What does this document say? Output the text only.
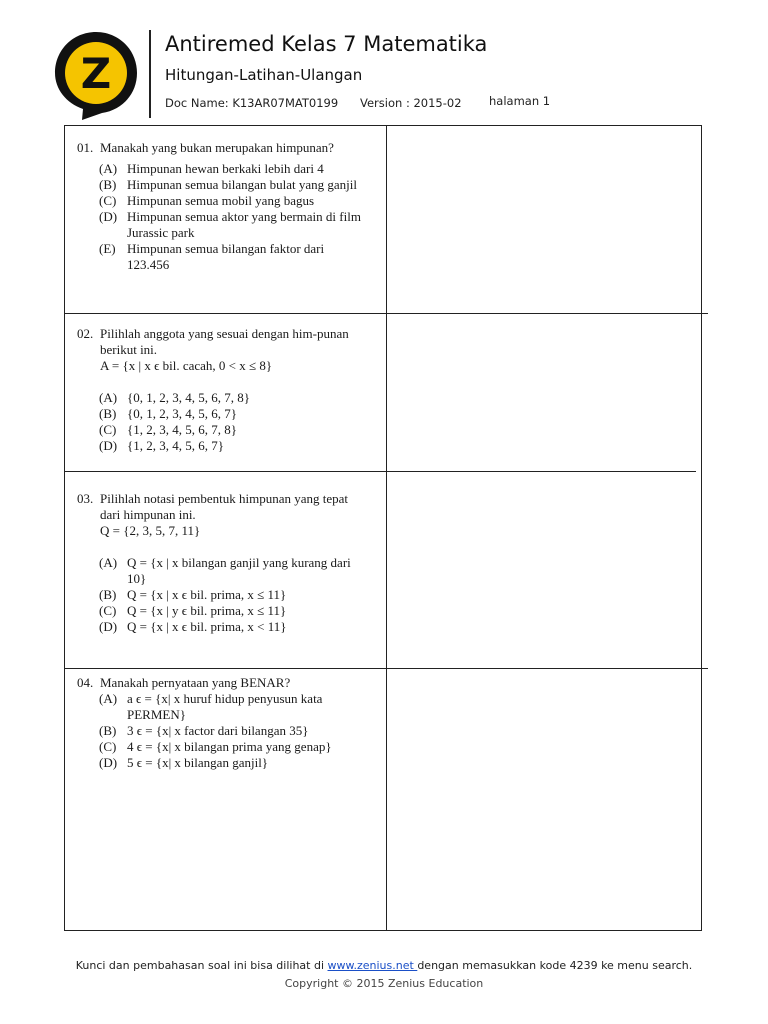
Z
Antiremed Kelas 7 Matematika
Hitungan-Latihan-Ulangan
Doc Name: K13AR07MAT0199 Version : 2015-02 halaman 1
01. Manakah yang bukan merupakan himpunan?
(A) Himpunan hewan berkaki lebih dari 4
(B) Himpunan semua bilangan bulat yang ganjil
(C) Himpunan semua mobil yang bagus
(D) Himpunan semua aktor yang bermain di film Jurassic park
(E) Himpunan semua bilangan faktor dari 123.456
02. Pilihlah anggota yang sesuai dengan him-punan berikut ini.
A = {x | x ϵ bil. cacah, 0 < x ≤ 8}
(A) {0, 1, 2, 3, 4, 5, 6, 7, 8}
(B) {0, 1, 2, 3, 4, 5, 6, 7}
(C) {1, 2, 3, 4, 5, 6, 7, 8}
(D) {1, 2, 3, 4, 5, 6, 7}
03. Pilihlah notasi pembentuk himpunan yang tepat dari himpunan ini.
Q = {2, 3, 5, 7, 11}
(A) Q = {x | x bilangan ganjil yang kurang dari 10}
(B) Q = {x | x ϵ bil. prima, x ≤ 11}
(C) Q = {x | y ϵ bil. prima, x ≤ 11}
(D) Q = {x | x ϵ bil. prima, x < 11}
04. Manakah pernyataan yang BENAR?
(A) a ϵ = {x| x huruf hidup penyusun kata PERMEN}
(B) 3 ϵ = {x| x factor dari bilangan 35}
(C) 4 ϵ = {x| x bilangan prima yang genap}
(D) 5 ϵ = {x| x bilangan ganjil}
Kunci dan pembahasan soal ini bisa dilihat di www.zenius.net dengan memasukkan kode 4239 ke menu search.
Copyright © 2015 Zenius Education
